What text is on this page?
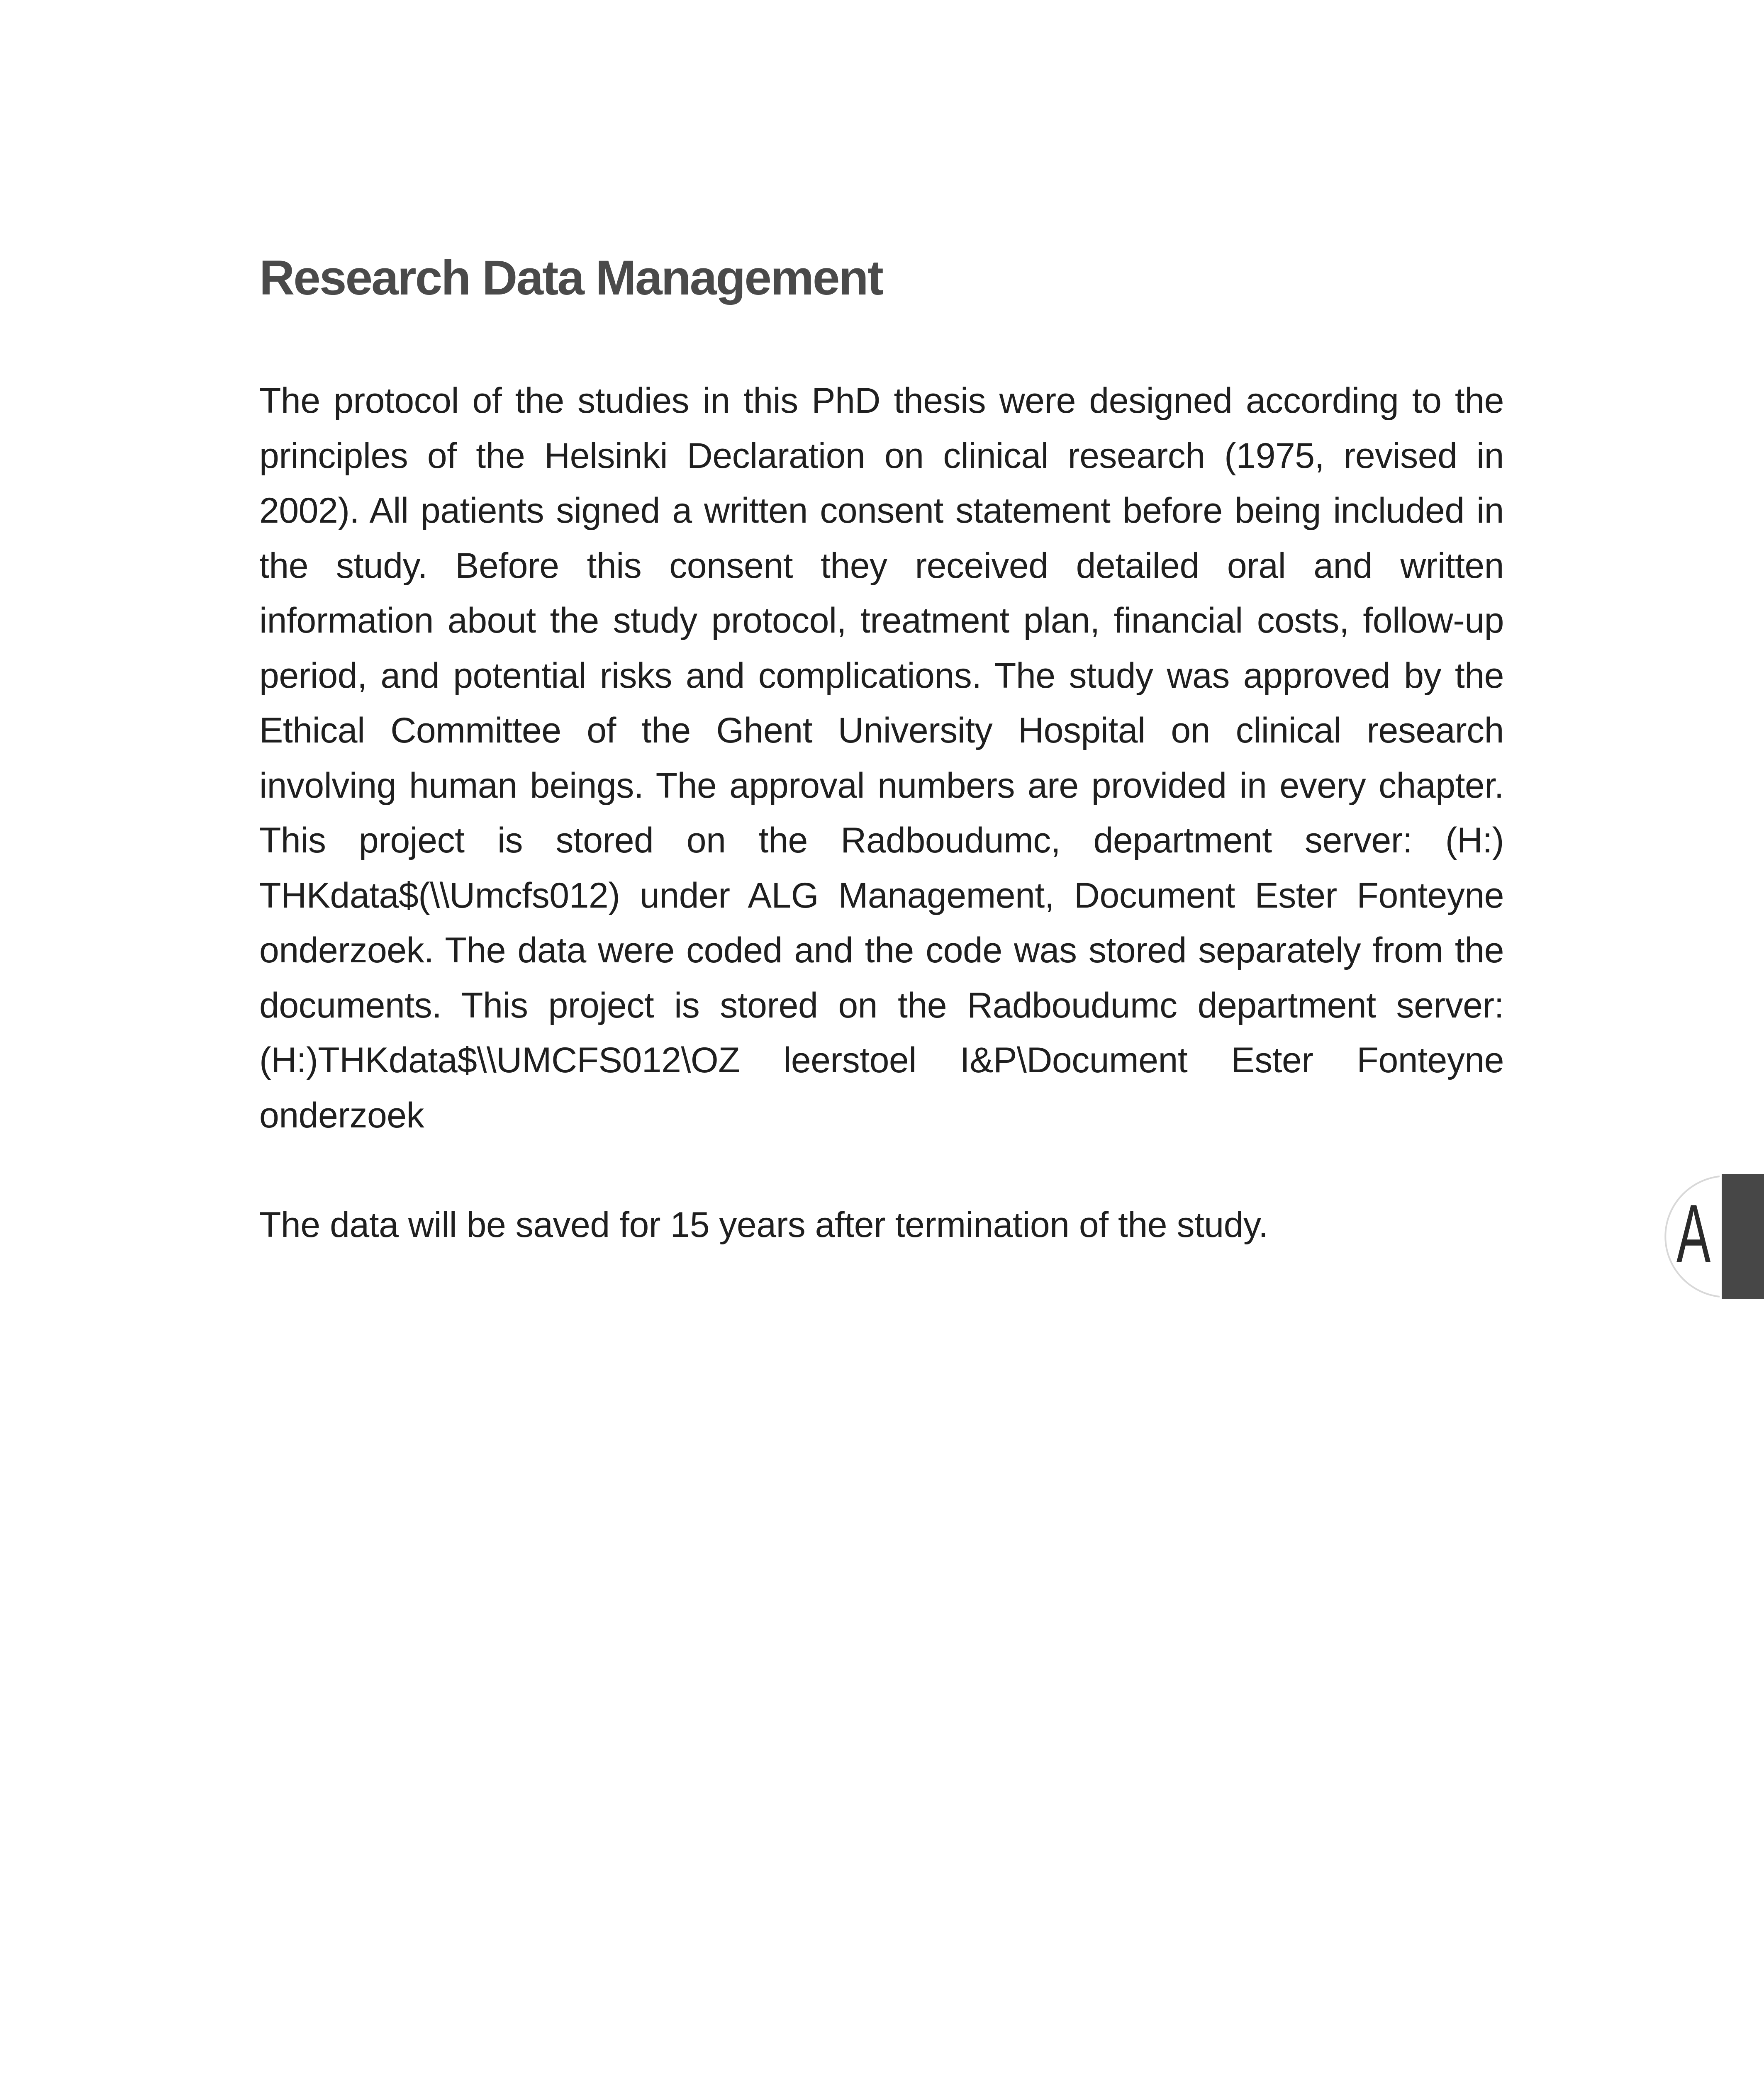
Research Data Management

The protocol of the studies in this PhD thesis were designed according to the principles of the Helsinki Declaration on clinical research (1975, revised in 2002). All patients signed a written consent statement before being included in the study. Before this consent they received detailed oral and written information about the study protocol, treatment plan, financial costs, follow-up period, and potential risks and complications. The study was approved by the Ethical Committee of the Ghent University Hospital on clinical research involving human beings. The approval numbers are provided in every chapter. This project is stored on the Radboudumc, department server: (H:) THKdata$(\\Umcfs012) under ALG Management, Document Ester Fonteyne onderzoek. The data were coded and the code was stored separately from the documents. This project is stored on the Radboudumc department server: (H:)THKdata$\\UMCFS012\OZ leerstoel I&P\Document Ester Fonteyne onderzoek

The data will be saved for 15 years after termination of the study.	A
